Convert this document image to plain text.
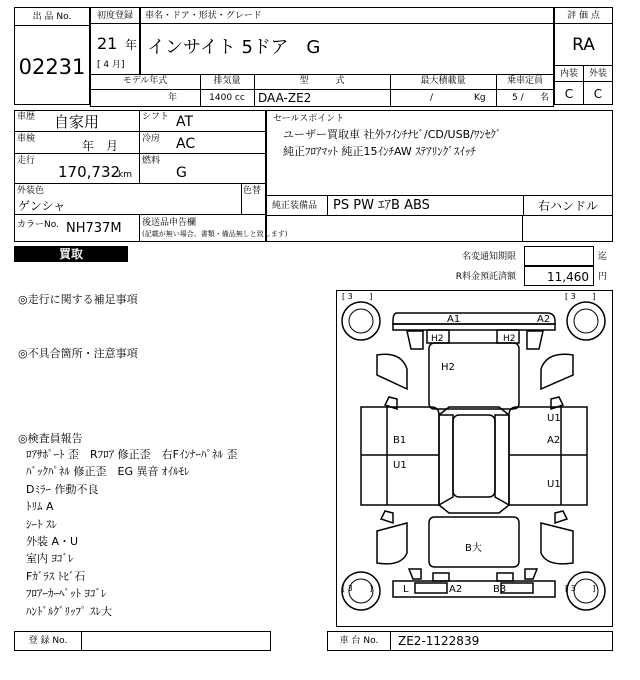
出 品 No.
02231
初度登録
21 年
[ 4 月]
車名・ドア・形状・グレード
インサイト 5ドア　G
評 価 点
RA
内装	外装
C	C
モデル年式
年
排気量
1400 cc
型　　　式
DAA-ZE2
最大積載量
/	Kg
乗車定員
5 / 名
車歴 自家用	シフト AT
車検	年　月	冷房 AC
走行
170,732
km
燃料
G
外装色
ゲンシャ
色替
カラーNo. NH737M 後送品申告欄
(記載が無い場合、書類・備品無しと致します)
セールスポイント
ユーザー買取車 社外ﾌｲﾝﾁﾅﾋﾞ/CD/USB/ﾜﾝｾｸﾞ
純正ﾌﾛｱﾏｯﾄ 純正15ｲﾝﾁAW ｽﾃｱﾘﾝｸﾞｽｲｯﾁ
純正装備品 PS PW ｴｱB ABS	右ハンドル
買取	名変通知期限	迄
R料金預託済額	11,460 円
◎走行に関する補足事項
◎不具合箇所・注意事項
◎検査員報告
ﾛｱｻﾎﾟｰﾄ 歪　Rﾌﾛｱ 修正歪　右Fｲﾝﾅｰﾊﾟﾈﾙ 歪
ﾊﾞｯｸﾊﾟﾈﾙ 修正歪　EG 異音 ｵｲﾙﾓﾚ
Dﾐﾗｰ 作動不良
ﾄﾘﾑ A
ｼｰﾄ ｽﾚ
外装 A・U
室内 ﾖｺﾞﾚ
Fｶﾞﾗｽ ﾄﾋﾞ石
ﾌﾛｱｰｶｰﾍﾟｯﾄ ﾖｺﾞﾚ
ﾊﾝﾄﾞﾙｸﾞﾘｯﾌﾟ ｽﾚ大
[ 3 ]	[ 3 ]
[ 3 ]	[ 3 ]
A1	A2
H2	H2
H2
U1
A2
U1
B1
U1
B大
L	A2	B3
登 録 No.	車 台 No.	ZE2-1122839
